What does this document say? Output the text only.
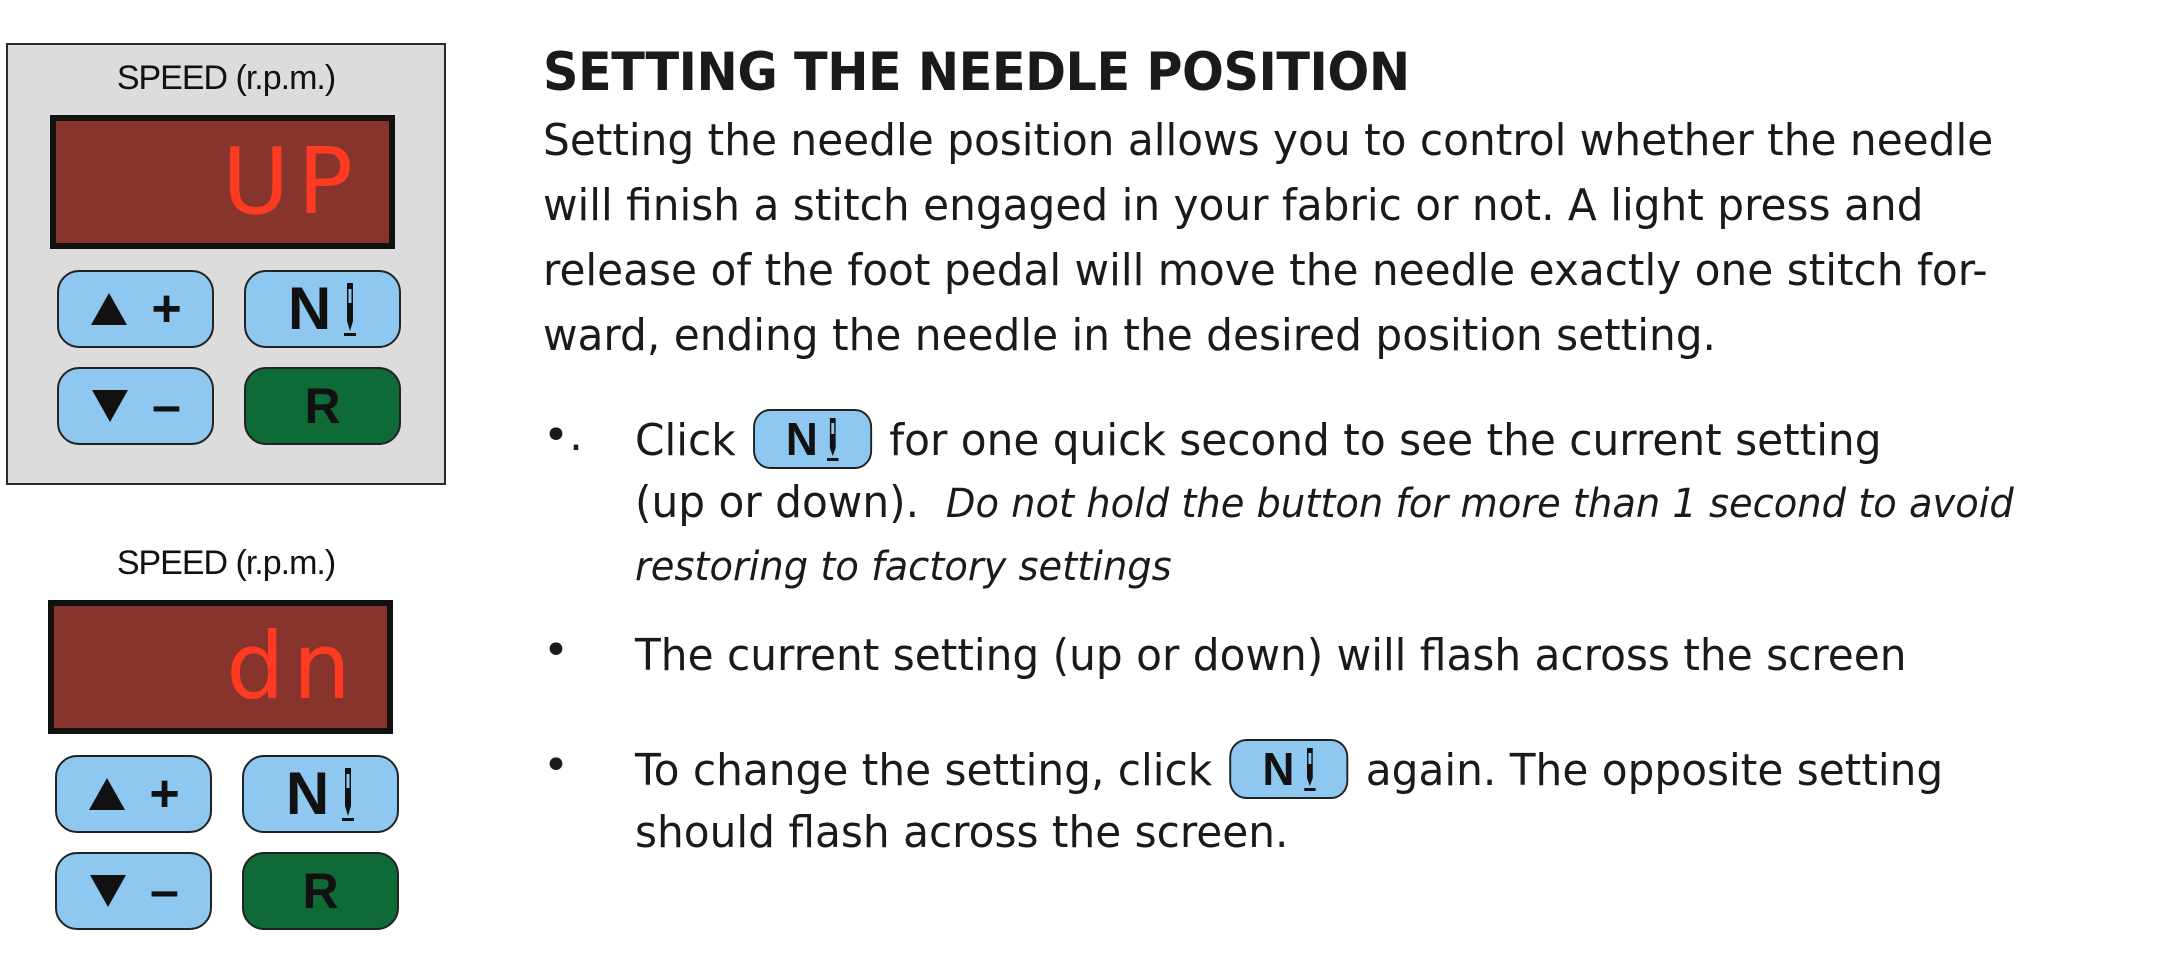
SPEED (r.p.m.)
UP
+ N
– R
SPEED (r.p.m.)
dn
+ N
– R
SETTING THE NEEDLE POSITION
Setting the needle position allows you to control whether the needle
will finish a stitch engaged in your fabric or not. A light press and
release of the foot pedal will move the needle exactly one stitch for-
ward, ending the needle in the desired position setting.
•. Click N for one quick second to see the current setting
(up or down). Do not hold the button for more than 1 second to avoid
restoring to factory settings
• The current setting (up or down) will flash across the screen
• To change the setting, click N again. The opposite setting
should flash across the screen.
